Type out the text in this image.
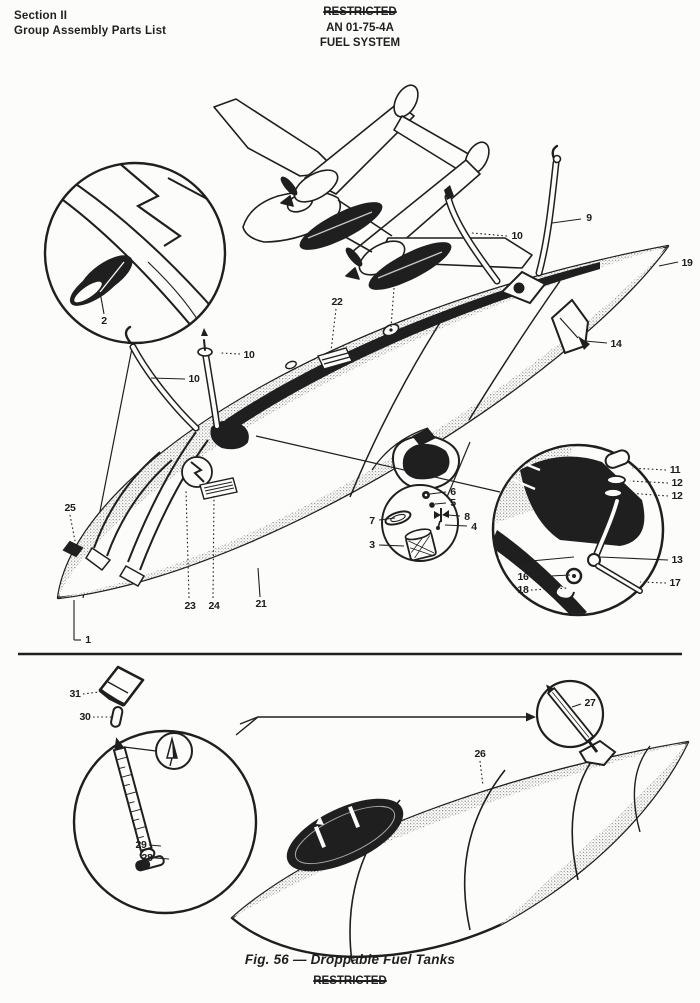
Section II
Group Assembly Parts List
RESTRICTED
AN 01-75-4A
FUEL SYSTEM
2
10
9
19
14
22
20
10
10
25
23 24	21
1
6
5
8
4
7
3
11
12
12
13
17
15
16
18
31
30
29
28
27
26
Fig. 56 — Droppable Fuel Tanks
RESTRICTED
